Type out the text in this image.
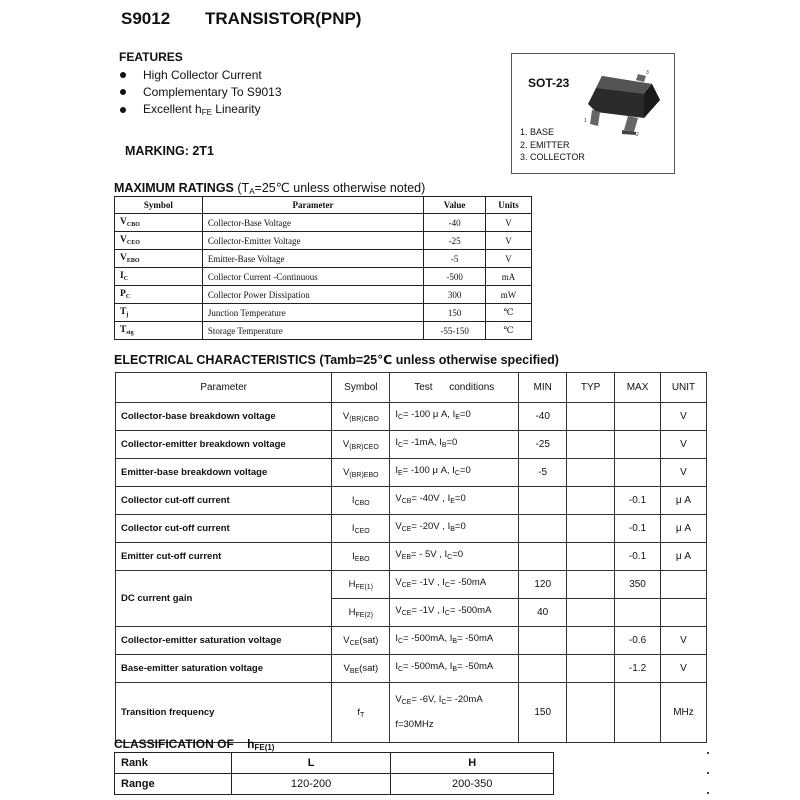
S9012 TRANSISTOR(PNP)
FEATURES
High Collector Current
Complementary To S9013
Excellent $h_{FE}$ Linearity
MARKING: 2T1
SOT-23
1
2
3
1. BASE
2. EMITTER
3. COLLECTOR
MAXIMUM RATINGS ($T_A=25℃$ unless otherwise noted)
Symbol	Parameter	Value	Units
$V_{CBO}$	Collector-Base Voltage	-40	V
$V_{CEO}$	Collector-Emitter Voltage	-25	V
$V_{EBO}$	Emitter-Base Voltage	-5	V
$I_C$	Collector Current -Continuous	-500	mA
$P_C$	Collector Power Dissipation	300	mW
$T_j$	Junction Temperature	150	℃
$T_{stg}$	Storage Temperature	-55-150	℃
ELECTRICAL CHARACTERISTICS (Tamb=25℃ unless otherwise specified)
Parameter	Symbol	Test      conditions	MIN	TYP	MAX	UNIT
Collector-base breakdown voltage	$V_{(BR)CBO}$	$I_C= -100$ μ A, $I_E=0$	-40			V
Collector-emitter breakdown voltage	$V_{(BR)CEO}$	$I_C= -1mA$, $I_B=0$	-25			V
Emitter-base breakdown voltage	$V_{(BR)EBO}$	$I_E= -100$ μ A, $I_C=0$	-5			V
Collector cut-off current	$I_{CBO}$	$V_{CB}= -40V$ , $I_E=0$			-0.1	μ A
Collector cut-off current	$I_{CEO}$	$V_{CE}= -20V$ , $I_B=0$			-0.1	μ A
Emitter cut-off current	$I_{EBO}$	$V_{EB}= - 5V$ , $I_C=0$			-0.1	μ A
DC current gain	$H_{FE(1)}$	$V_{CE}= -1V$ , $I_C= -50mA$	120		350	
	$H_{FE(2)}$	$V_{CE}= -1V$ , $I_C= -500mA$	40			
Collector-emitter saturation voltage	$V_{CE}(sat)$	$I_C= -500mA$, $I_B= -50mA$			-0.6	V
Base-emitter saturation voltage	$V_{BE}(sat)$	$I_C= -500mA$, $I_B= -50mA$			-1.2	V
Transition frequency	$f_T$	$V_{CE}= -6V$, $I_C= -20mA$
f=30MHz	150			MHz
CLASSIFICATION OF $h_{FE(1)}$
Rank	L	H
Range	120-200	200-350
